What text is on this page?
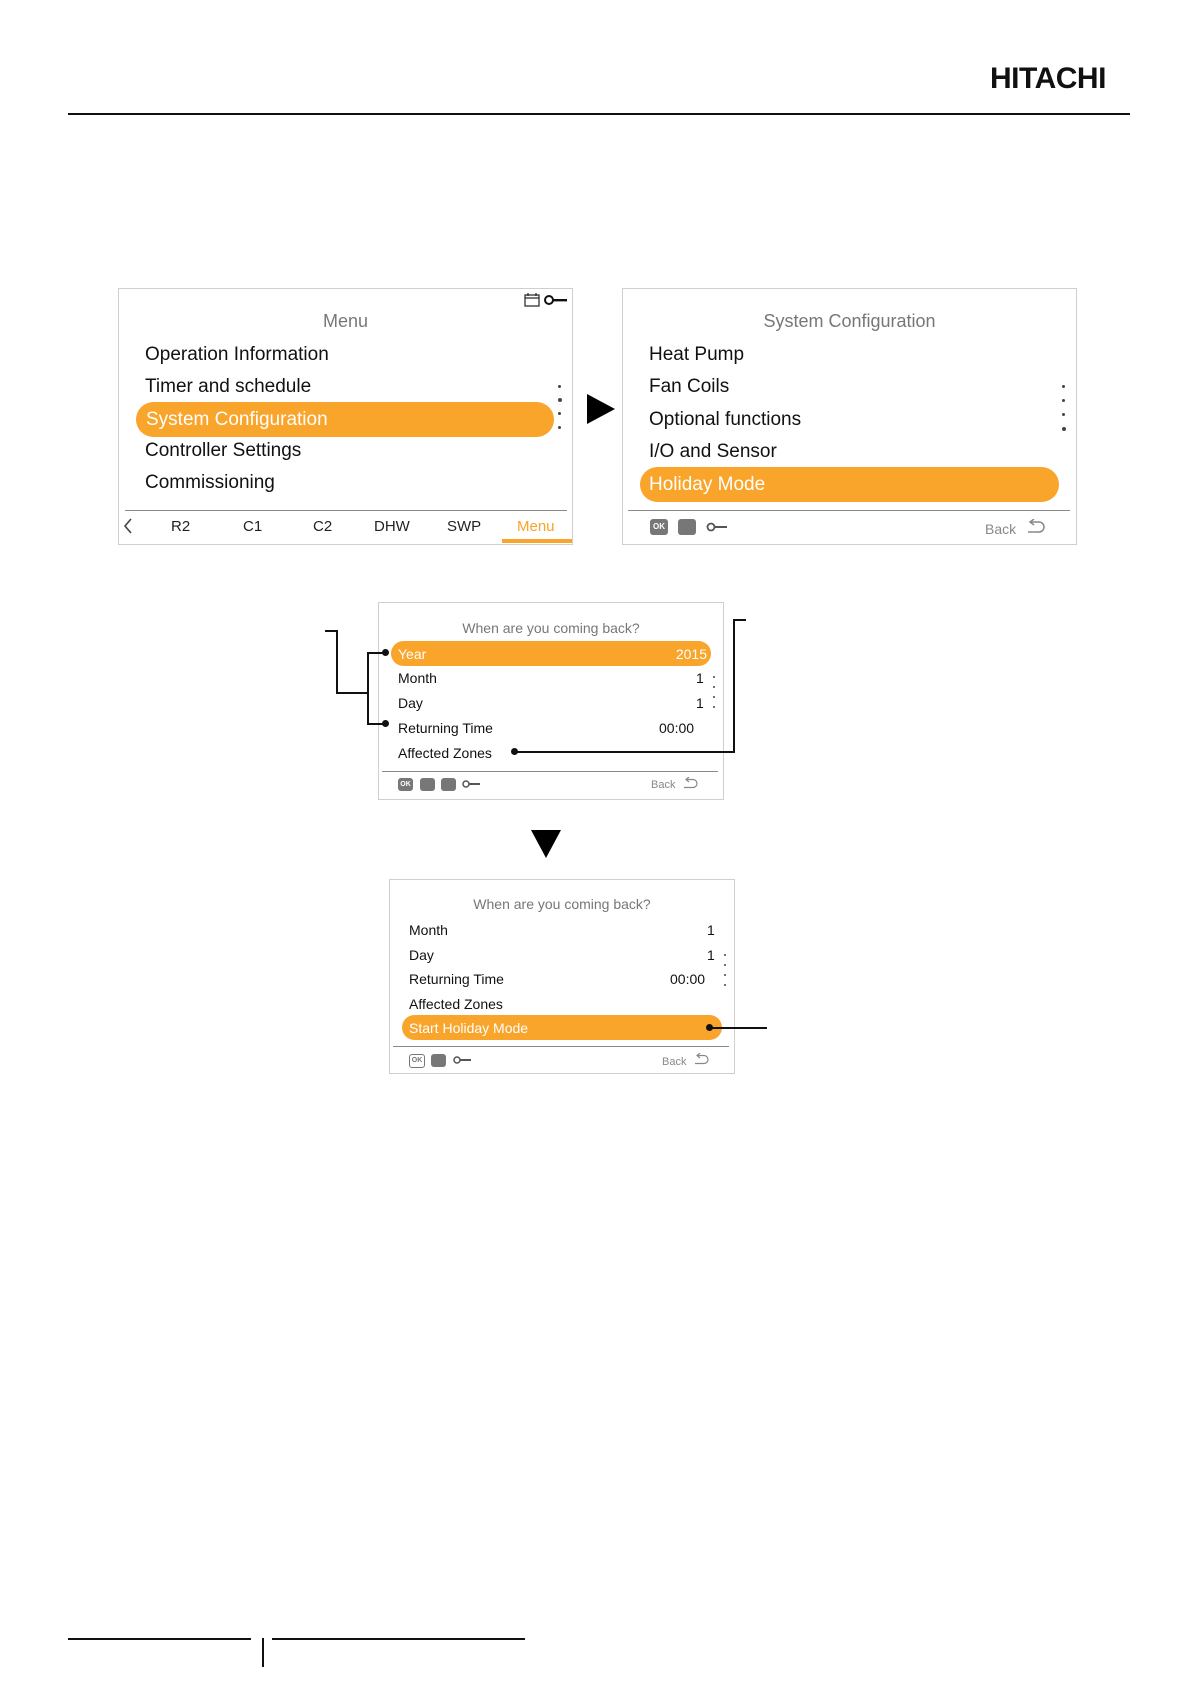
HITACHI
Menu
Operation Information
Timer and schedule
System Configuration
Controller Settings
Commissioning
R2	C1	C2	DHW SWP Menu
System Configuration
Heat Pump
Fan Coils
Optional functions
I/O and Sensor
Holiday Mode
OK	Back
When are you coming back?
Year	2015
Month	1
Day	1
Returning Time	00:00
Affected Zones
OK	Back
When are you coming back?
Month	1
Day	1
Returning Time	00:00
Affected Zones
Start Holiday Mode
OK	Back
